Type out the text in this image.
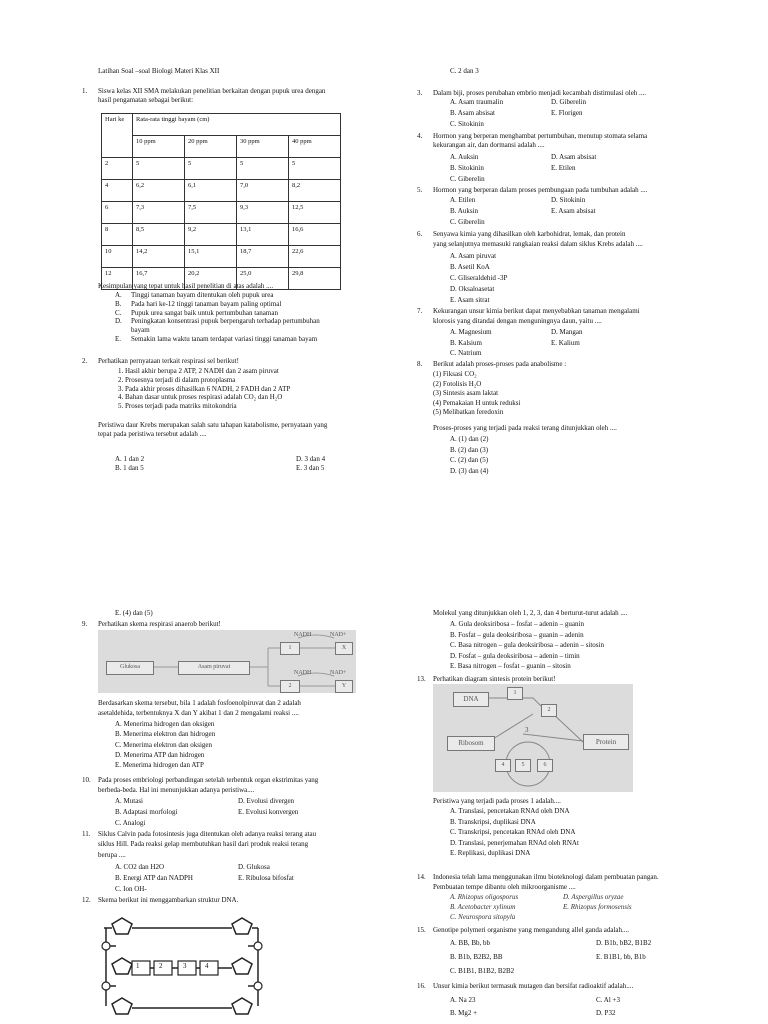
Latihan Soal –soal Biologi Materi Klas XII
1. Siswa kelas XII SMA melakukan penelitian berkaitan dengan pupuk urea dengan
hasil pengamatan sebagai berikut:
Hari ke	Rata-rata tinggi bayam (cm)			
	10 ppm	20 ppm	30 ppm	40 ppm
2	5	5	5	5
4	6,2	6,1	7,0	8,2
6	7,3	7,5	9,3	12,5
8	8,5	9,2	13,1	16,6
10	14,2	15,1	18,7	22,6
12	16,7	20,2	25,0	29,8
Kesimpulan yang tepat untuk hasil penelitian di atas adalah ....
A. Tinggi tanaman bayam ditentukan oleh pupuk urea
B. Pada hari ke-12 tinggi tanaman bayam paling optimal
C. Pupuk urea sangat baik untuk pertumbuhan tanaman
D. Peningkatan konsentrasi pupuk berpengaruh terhadap pertumbuhan
bayam
E. Semakin lama waktu tanam terdapat variasi tinggi tanaman bayam
2. Perhatikan pernyataan terkait respirasi sel berikut!
1. Hasil akhir berupa 2 ATP, 2 NADH dan 2 asam piruvat
2. Prosesnya terjadi di dalam protoplasma
3. Pada akhir proses dihasilkan 6 NADH, 2 FADH dan 2 ATP
4. Bahan dasar untuk proses respirasi adalah CO₂ dan H₂O
5. Proses terjadi pada matriks mitokondria
Peristiwa daur Krebs merupakan salah satu tahapan katabolisme, pernyataan yang
tepat pada peristiwa tersebut adalah ....
A. 1 dan 2
B. 1 dan 5
D. 3 dan 4
E. 3 dan 5
C. 2 dan 3
3. Dalam biji, proses perubahan embrio menjadi kecambah distimulasi oleh ....
A. Asam traumalin	D. Giberelin
B. Asam absisat	E. Florigen
C. Sitokinin
4. Hormon yang berperan menghambat pertumbuhan, menutup stomata selama
kekurangan air, dan dormansi adalah ....
A. Auksin	D. Asam absisat
B. Sitokinin	E. Etilen
C. Giberelin
5. Hormon yang berperan dalam proses pembungaan pada tumbuhan adalah ....
A. Etilen	D. Sitokinin
B. Auksin	E. Asam absisat
C. Giberelin
6. Senyawa kimia yang dihasilkan oleh karbohidrat, lemak, dan protein
yang selanjutnya memasuki rangkaian reaksi dalam siklus Krebs adalah ....
A. Asam piruvat
B. Asetil KoA
C. Gliseraldehid -3P
D. Oksaloasetat
E. Asam sitrat
7. Kekurangan unsur kimia berikut dapat menyebabkan tanaman mengalami
klorosis yang ditandai dengan menguningnya daun, yaitu ....
A. Magnesium	D. Mangan
B. Kalsium	E. Kalium
C. Natrium
8. Berikut adalah proses-proses pada anabolisme :
(1) Fiksasi CO₂
(2) Fotolisis H₂O
(3) Sintesis asam laktat
(4) Pemakaian H untuk reduksi
(5) Melibatkan feredoxin
Proses-proses yang terjadi pada reaksi terang ditunjukkan oleh ....
A. (1) dan (2)
B. (2) dan (3)
C. (2) dan (5)
D. (3) dan (4)
E. (4) dan (5)
9. Perhatikan skema respirasi anaerob berikut!
Glukosa	Asam piruvat
NADH	NAD+
NADH	NAD+
1
2
X
Y
Berdasarkan skema tersebut, bila 1 adalah fosfoenolpiruvat dan 2 adalah
asetaldehida, terbentuknya X dan Y akibat 1 dan 2 mengalami reaksi ....
A. Menerima hidrogen dan oksigen
B. Menerima elektron dan hidrogen
C. Menerima elektron dan oksigen
D. Menerima ATP dan hidrogen
E. Menerima hidrogen dan ATP
10. Pada proses embriologi perbandingan setelah terbentuk organ ekstrimitas yang
berbeda-beda. Hal ini menunjukkan adanya peristiwa....
A. Mutasi	D. Evolusi divergen
B. Adaptasi morfologi	E. Evolusi konvergen
C. Analogi
11. Siklus Calvin pada fotosintesis juga ditentukan oleh adanya reaksi terang atau
siklus Hill. Pada reaksi gelap membutuhkan hasil dari produk reaksi terang
berupa ....
A. CO2 dan H2O	D. Glukosa
B. Energi ATP dan NADPH	E. Ribulosa bifosfat
C. Ion OH-
12. Skema berikut ini menggambarkan struktur DNA.
1	2	3	4
Molekul yang ditunjukkan oleh 1, 2, 3, dan 4 berturut-turut adalah ....
A. Gula deoksiribosa – fosfat – adenin – guanin
B. Fosfat – gula deoksiribosa – guanin – adenin
C. Basa nitrogen – gula deoksiribosa – adenin – sitosin
D. Fosfat – gula deoksiribosa – adenin – timin
E. Basa nitrogen – fosfat – guanin – sitosin
13. Perhatikan diagram sintesis protein berikut!
DNA
1
2
3
Ribosom	Protein
4	5	6
Peristiwa yang terjadi pada proses 1 adalah....
A. Translasi, pencetakan RNAd oleh DNA
B. Transkripsi, duplikasi DNA
C. Transkripsi, pencetakan RNAd oleh DNA
D. Translasi, penerjemahan RNAd oleh RNAt
E. Replikasi, duplikasi DNA
14. Indonesia telah lama menggunakan ilmu bioteknologi dalam pembuatan pangan.
Pembuatan tempe dibantu oleh mikroorganisme ....
A. Rhizopus oligosporus	D. Aspergillus oryzae
B. Acetobacter xylinum	E. Rhizopus formosensis
C. Neurospora sitopyla
15. Genotipe polymeri organisme yang mengandung allel ganda adalah....
A. BB, Bb, bb	D. B1b, bB2, B1B2
B. B1b, B2B2, BB	E. B1B1, bb, B1b
C. B1B1, B1B2, B2B2
16. Unsur kimia berikut termasuk mutagen dan bersifat radioaktif adalah....
A. Na 23	C. Al +3
B. Mg2 +	D. P32
